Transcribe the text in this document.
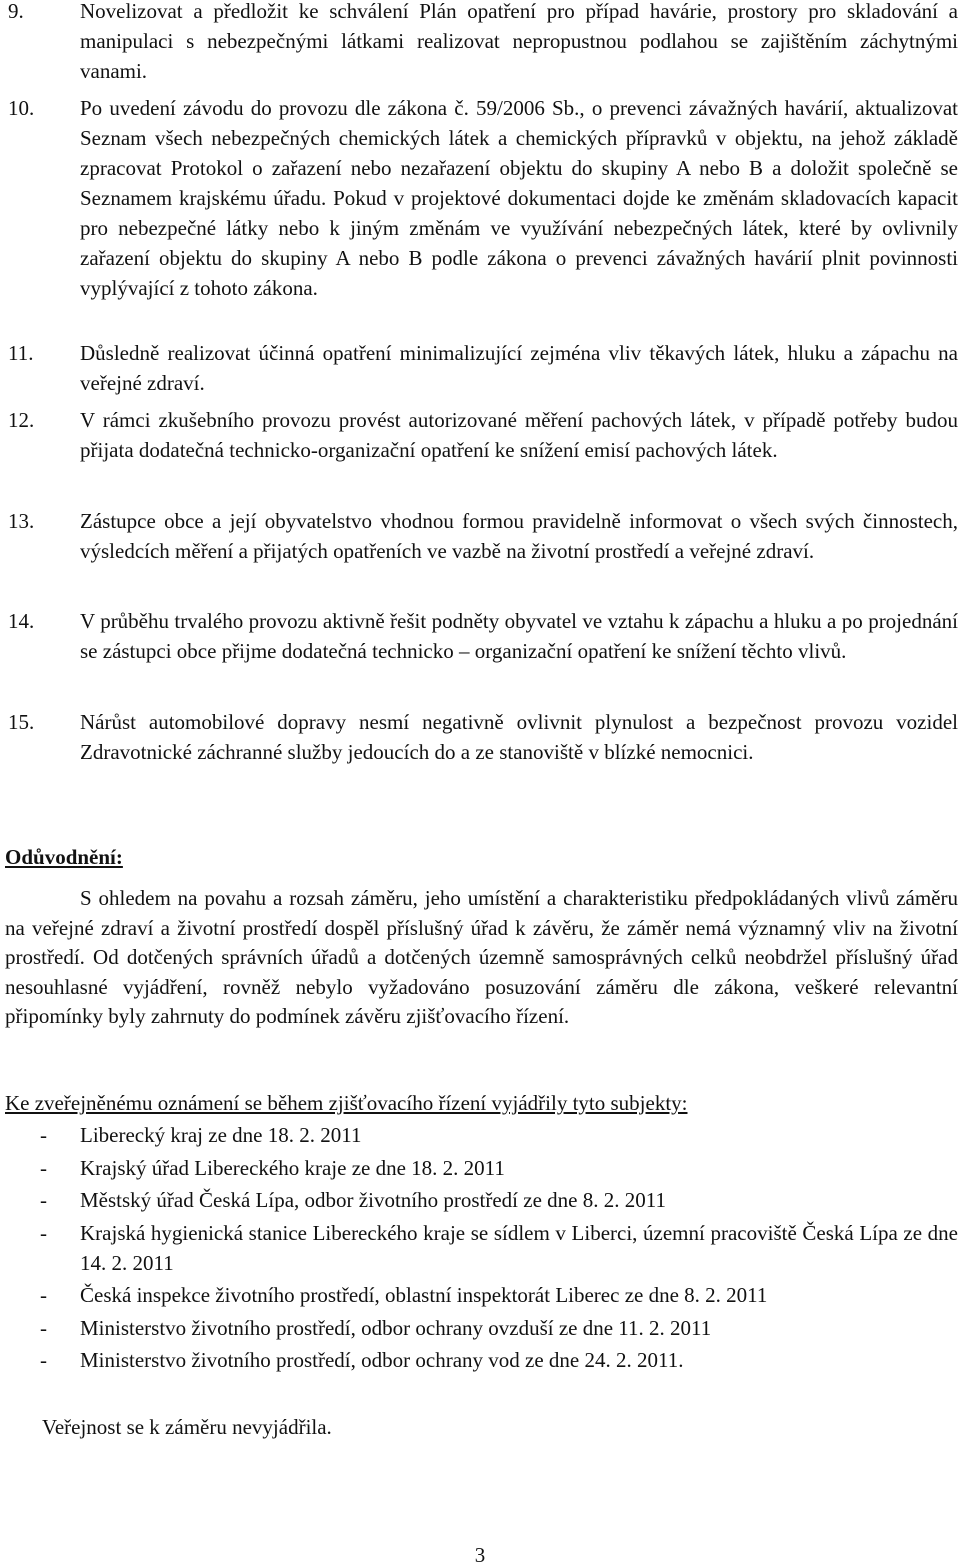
9.	Novelizovat a předložit ke schválení Plán opatření pro případ havárie, prostory pro skladování a manipulaci s nebezpečnými látkami realizovat nepropustnou podlahou se zajištěním záchytnými vanami.
10. Po uvedení závodu do provozu dle zákona č. 59/2006 Sb., o prevenci závažných havárií, aktualizovat Seznam všech nebezpečných chemických látek a chemických přípravků v objektu, na jehož základě zpracovat Protokol o zařazení nebo nezařazení objektu do skupiny A nebo B a doložit společně se Seznamem krajskému úřadu. Pokud v projektové dokumentaci dojde ke změnám skladovacích kapacit pro nebezpečné látky nebo k jiným změnám ve využívání nebezpečných látek, které by ovlivnily zařazení objektu do skupiny A nebo B podle zákona o prevenci závažných havárií plnit povinnosti vyplývající z tohoto zákona.
11. Důsledně realizovat účinná opatření minimalizující zejména vliv těkavých látek, hluku a zápachu na veřejné zdraví.
12. V rámci zkušebního provozu provést autorizované měření pachových látek, v případě potřeby budou přijata dodatečná technicko-organizační opatření ke snížení emisí pachových látek.
13. Zástupce obce a její obyvatelstvo vhodnou formou pravidelně informovat o všech svých činnostech, výsledcích měření a přijatých opatřeních ve vazbě na životní prostředí a veřejné zdraví.
14. V průběhu trvalého provozu aktivně řešit podněty obyvatel ve vztahu k zápachu a hluku a po projednání se zástupci obce přijme dodatečná technicko – organizační opatření ke snížení těchto vlivů.
15. Nárůst automobilové dopravy nesmí negativně ovlivnit plynulost a bezpečnost provozu vozidel Zdravotnické záchranné služby jedoucích do a ze stanoviště v blízké nemocnici.
Odůvodnění:
S ohledem na povahu a rozsah záměru, jeho umístění a charakteristiku předpokládaných vlivů záměru na veřejné zdraví a životní prostředí dospěl příslušný úřad k závěru, že záměr nemá významný vliv na životní prostředí. Od dotčených správních úřadů a dotčených územně samosprávných celků neobdržel příslušný úřad nesouhlasné vyjádření, rovněž nebylo vyžadováno posuzování záměru dle zákona, veškeré relevantní připomínky byly zahrnuty do podmínek závěru zjišťovacího řízení.
Ke zveřejněnému oznámení se během zjišťovacího řízení vyjádřily tyto subjekty:
- Liberecký kraj ze dne 18. 2. 2011
- Krajský úřad Libereckého kraje ze dne 18. 2. 2011
- Městský úřad Česká Lípa, odbor životního prostředí ze dne 8. 2. 2011
- Krajská hygienická stanice Libereckého kraje se sídlem v Liberci, územní pracoviště Česká Lípa ze dne 14. 2. 2011
- Česká inspekce životního prostředí, oblastní inspektorát Liberec ze dne 8. 2. 2011
- Ministerstvo životního prostředí, odbor ochrany ovzduší ze dne 11. 2. 2011
- Ministerstvo životního prostředí, odbor ochrany vod ze dne 24. 2. 2011.
Veřejnost se k záměru nevyjádřila.
3
